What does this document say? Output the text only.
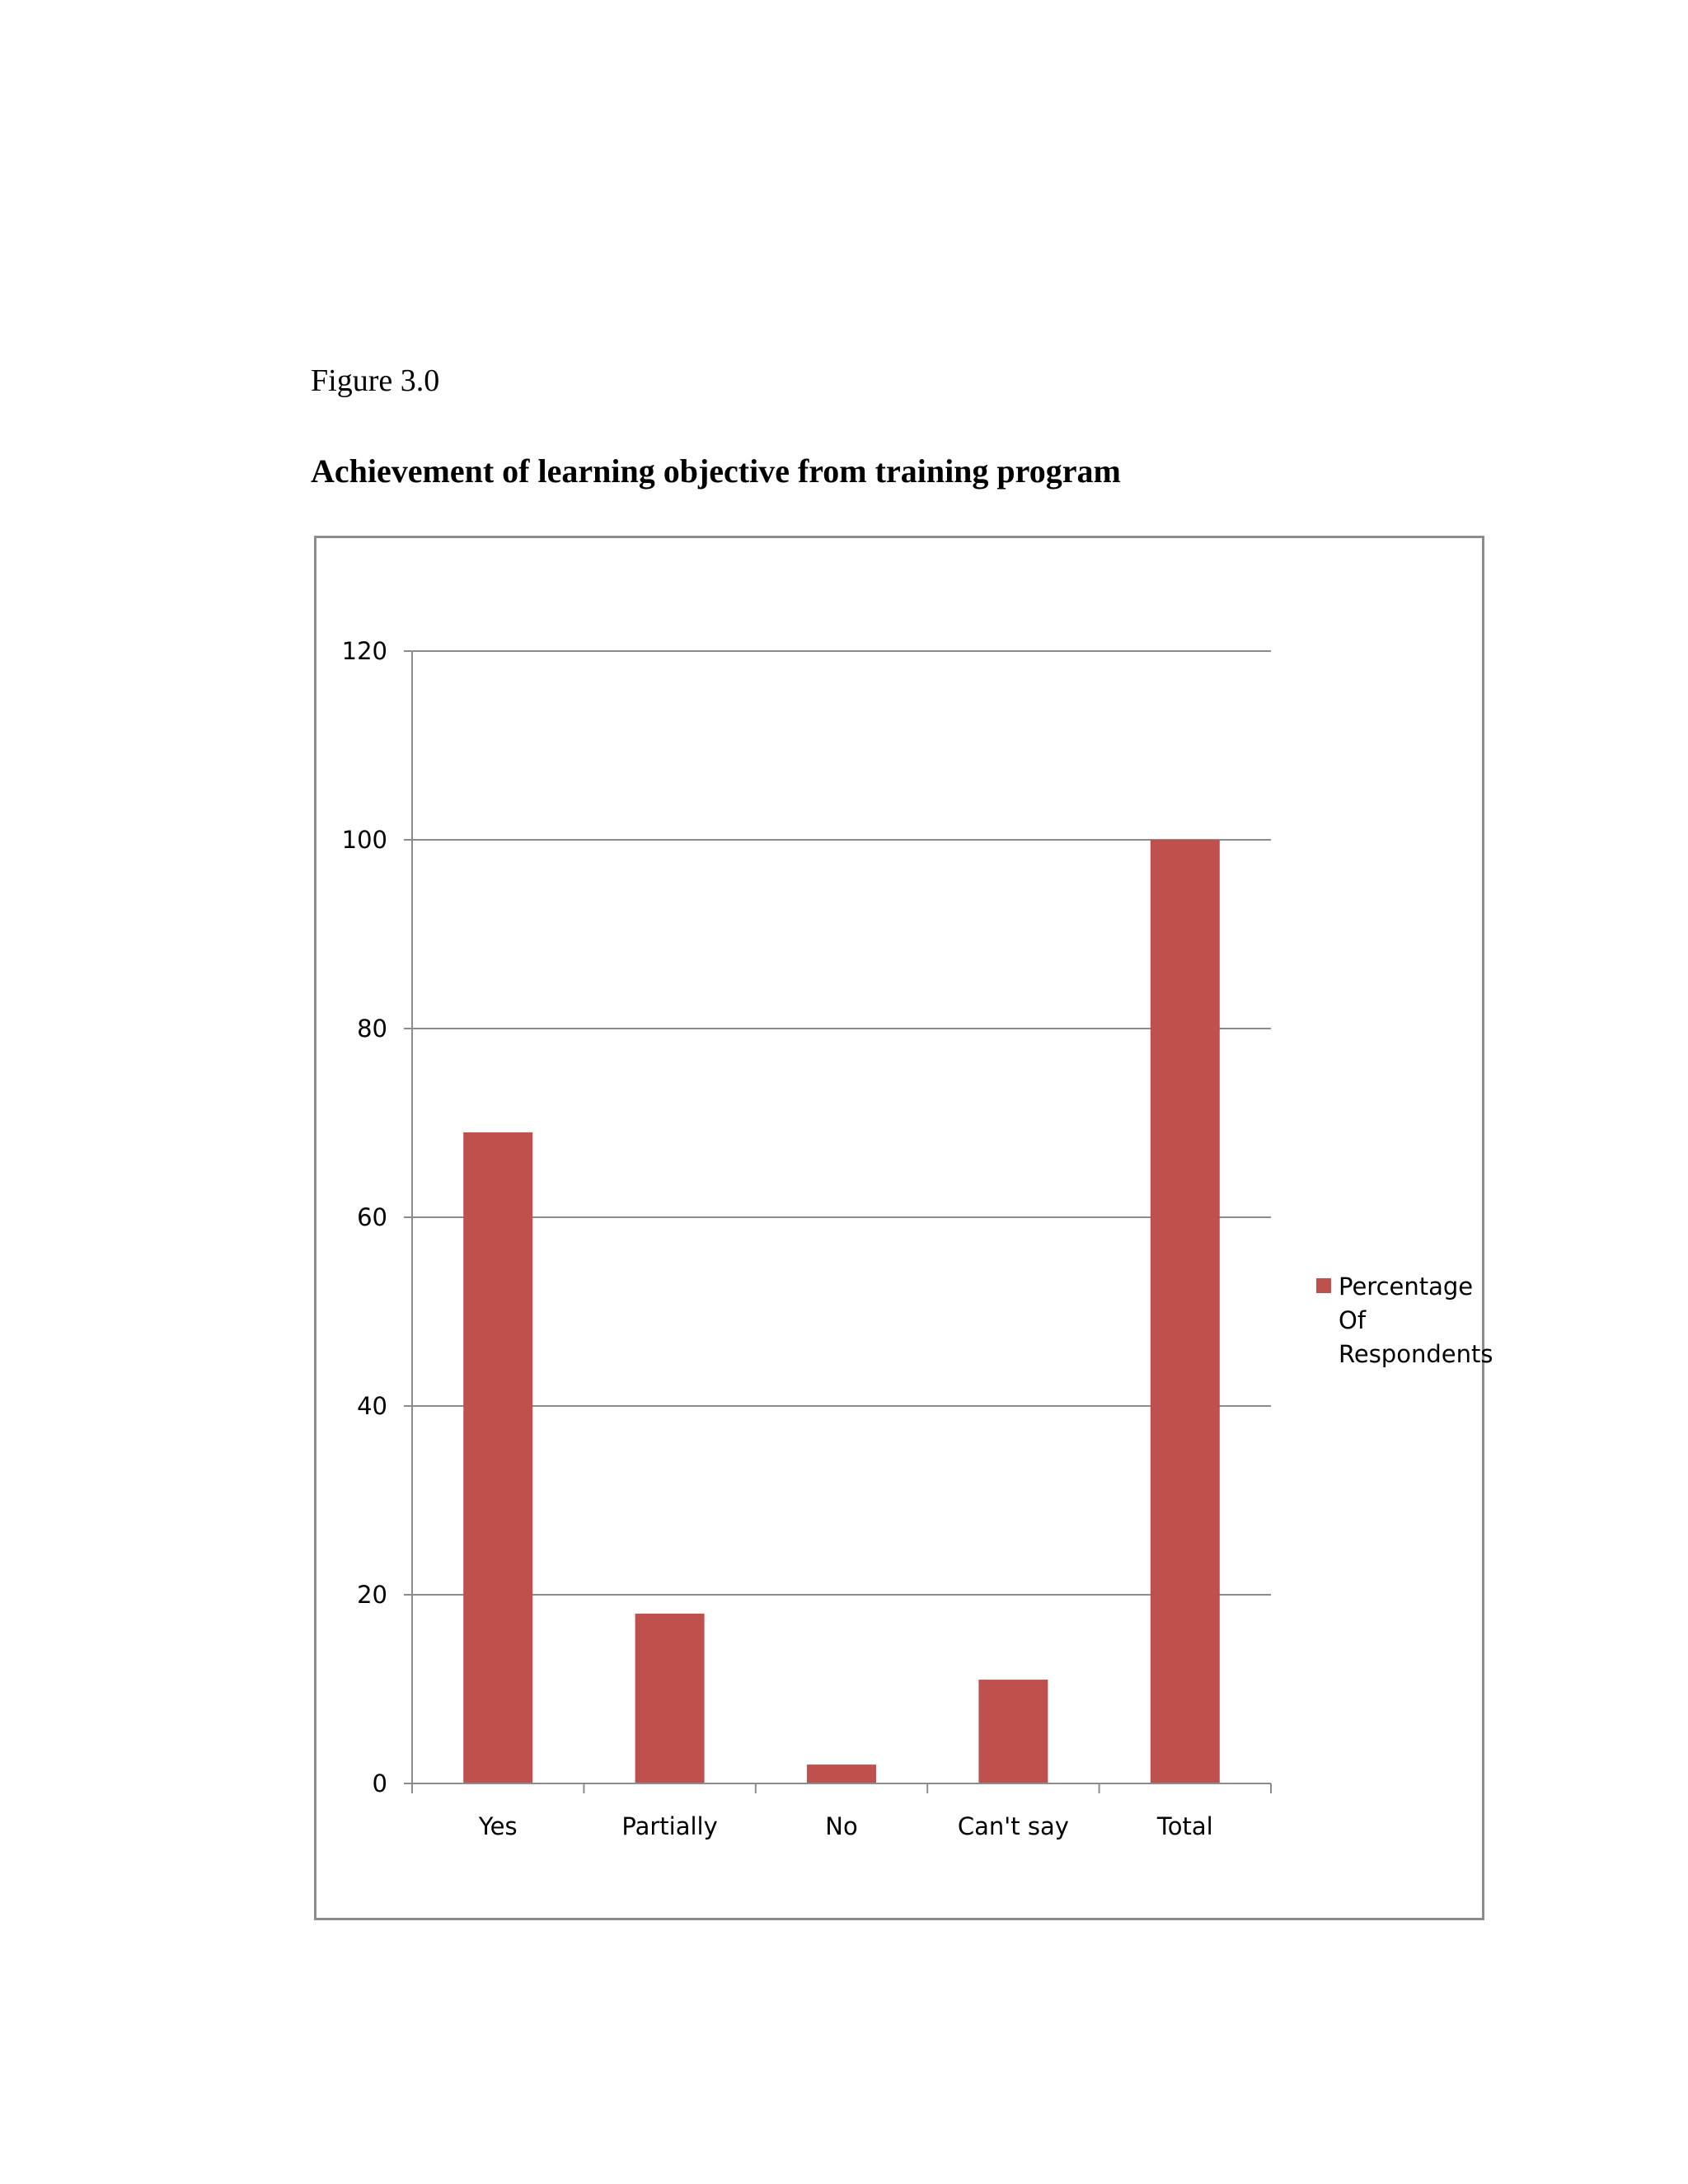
Figure 3.0
Achievement of learning objective from training program
0
20
40
60
80
100
120
Yes	Partially	No	Can't say	Total
Percentage
Of
Respondents
